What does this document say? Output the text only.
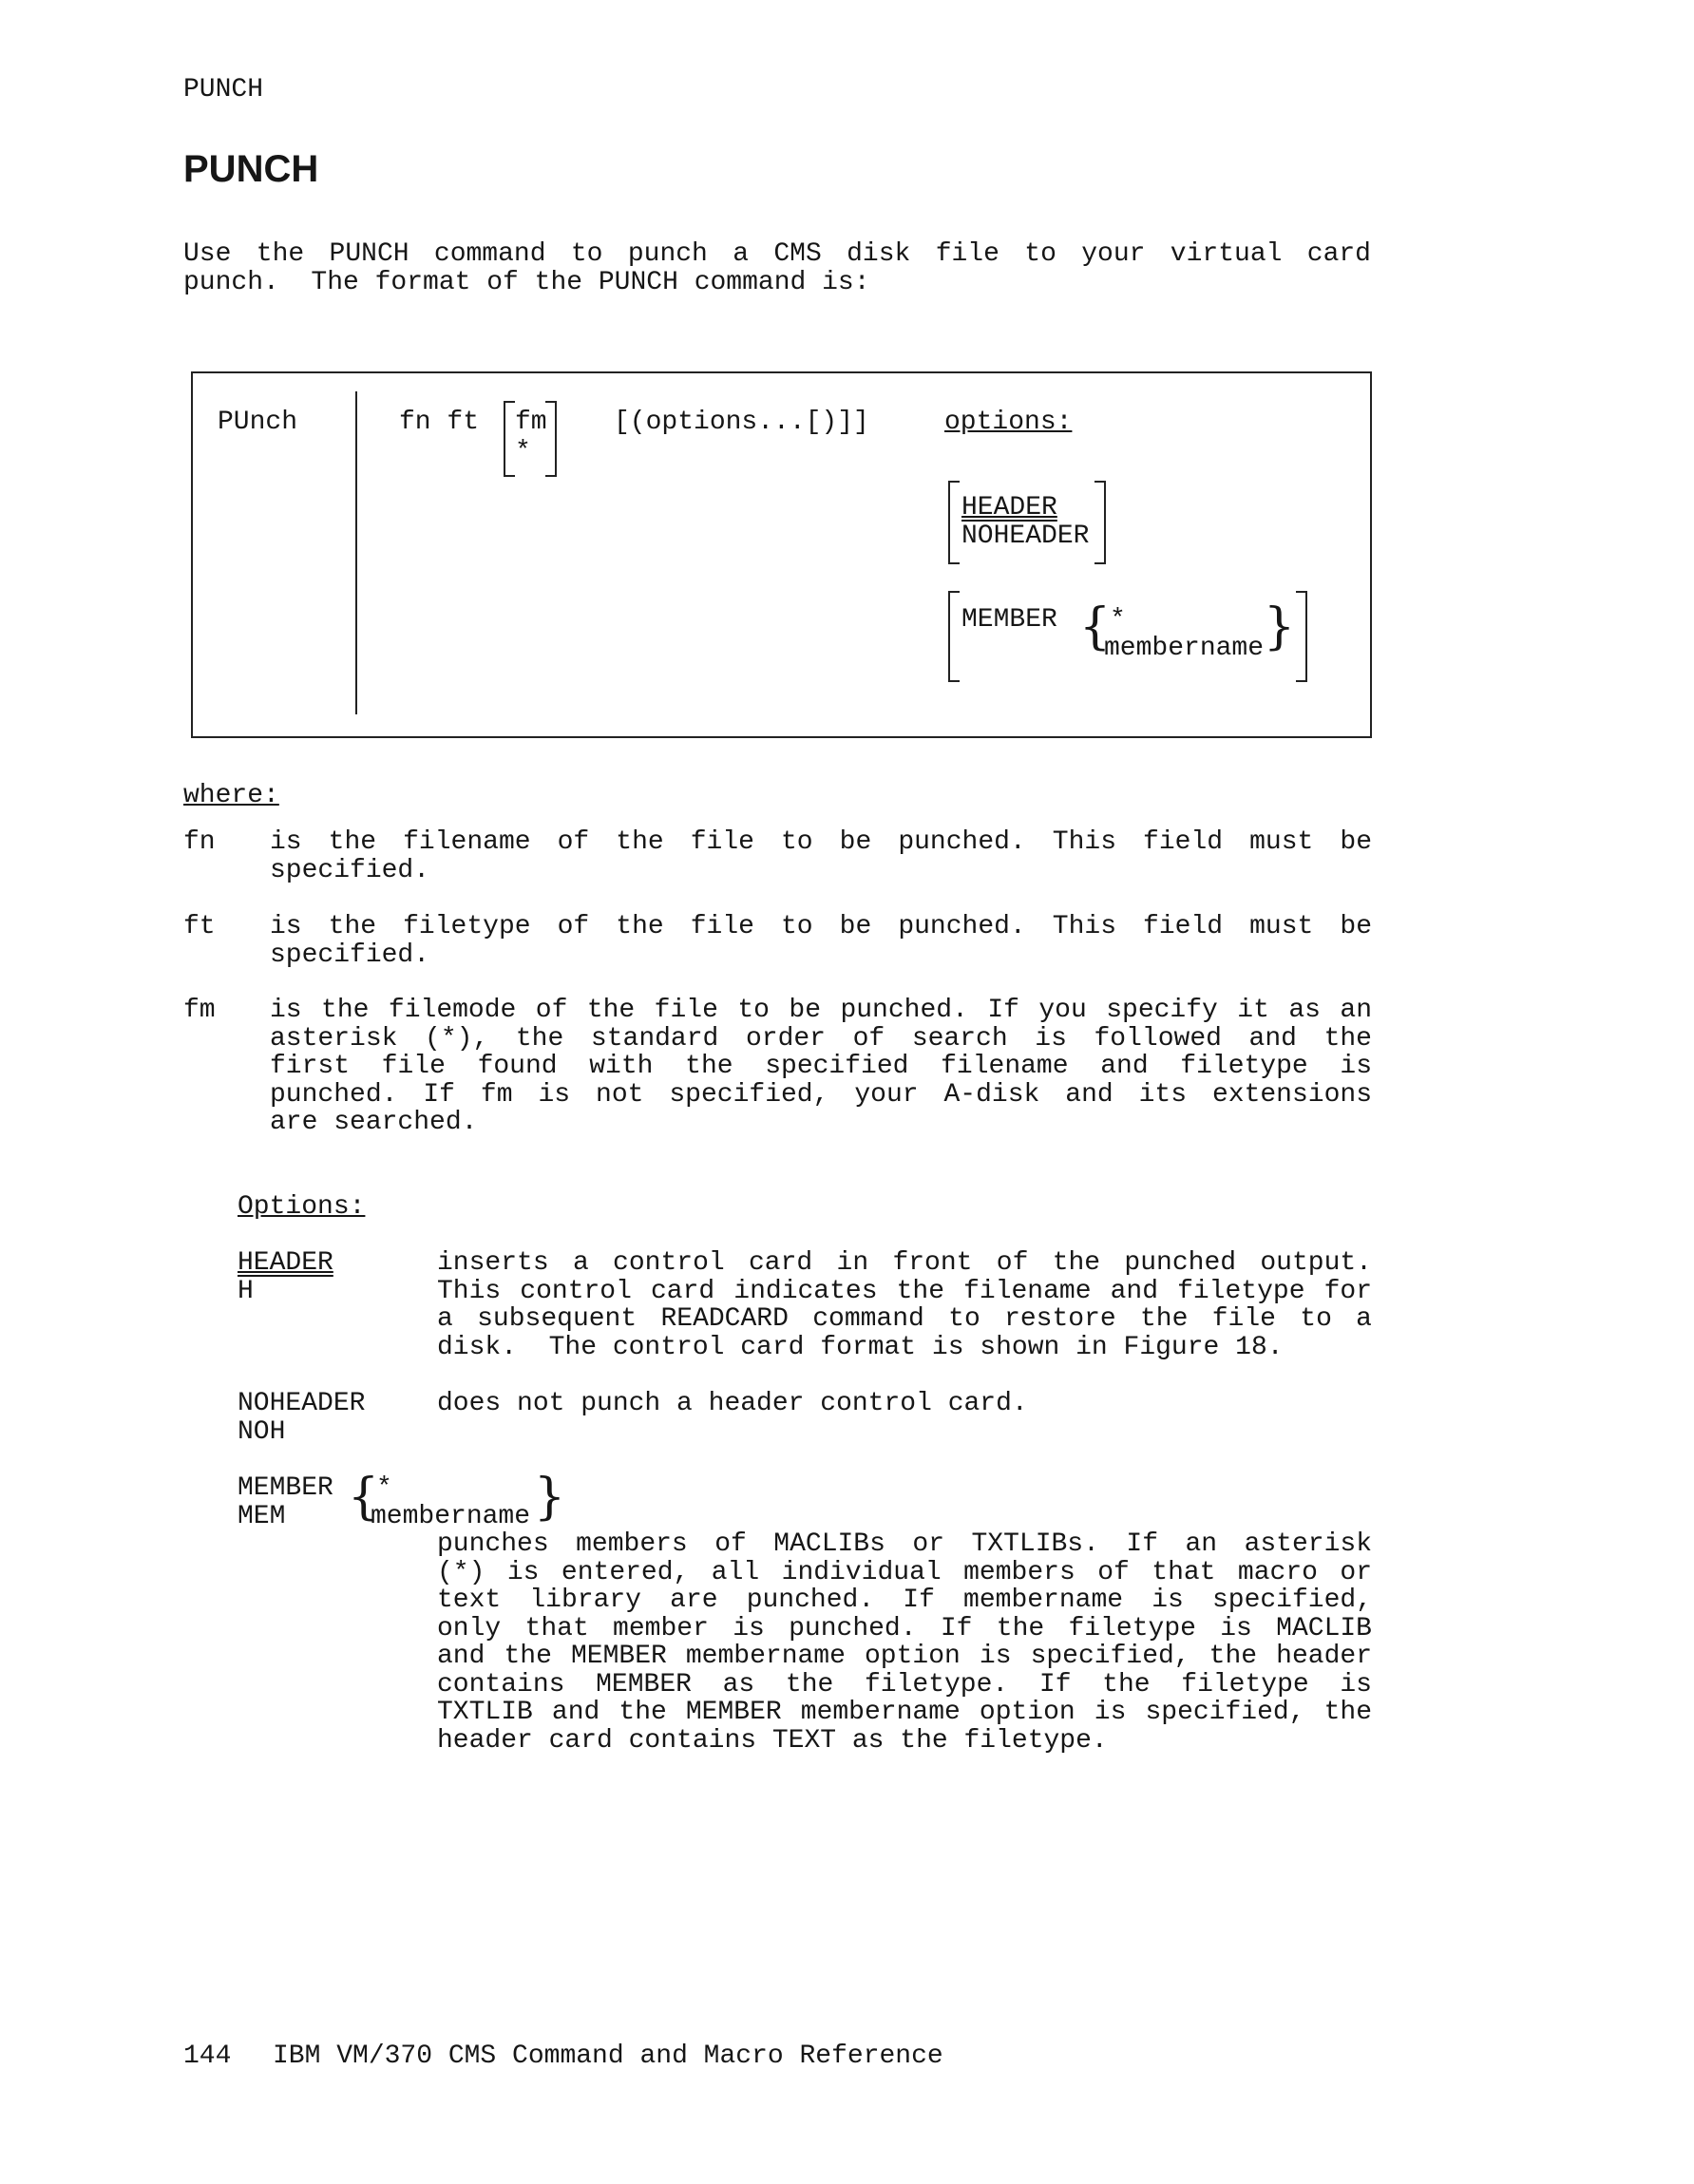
PUNCH
PUNCH
Use the PUNCH command to punch a CMS disk file to your virtual card
punch.  The format of the PUNCH command is:
PUnch	fn ft fm
*
[(options...[)]]	options:
HEADER
NOHEADER
MEMBER {
*
membername }
where:
fn is the filename of the file to be punched. This field must be
specified.
ft is the filetype of the file to be punched. This field must be
specified.
fm is the filemode of the file to be punched. If you specify it as an
asterisk (*), the standard order of search is followed and the
first file found with the specified filename and filetype is
punched. If fm is not specified, your A-disk and its extensions
are searched.
Options:
HEADER
H
inserts a control card in front of the punched output.
This control card indicates the filename and filetype for
a subsequent READCARD command to restore the file to a
disk.  The control card format is shown in Figure 18.
NOHEADER
NOH
does not punch a header control card.
MEMBER
MEM {
*
membername }
punches members of MACLIBs or TXTLIBs. If an asterisk
(*) is entered, all individual members of that macro or
text library are punched. If membername is specified,
only that member is punched. If the filetype is MACLIB
and the MEMBER membername option is specified, the header
contains MEMBER as the filetype. If the filetype is
TXTLIB and the MEMBER membername option is specified, the
header card contains TEXT as the filetype.
144 IBM VM/370 CMS Command and Macro Reference
